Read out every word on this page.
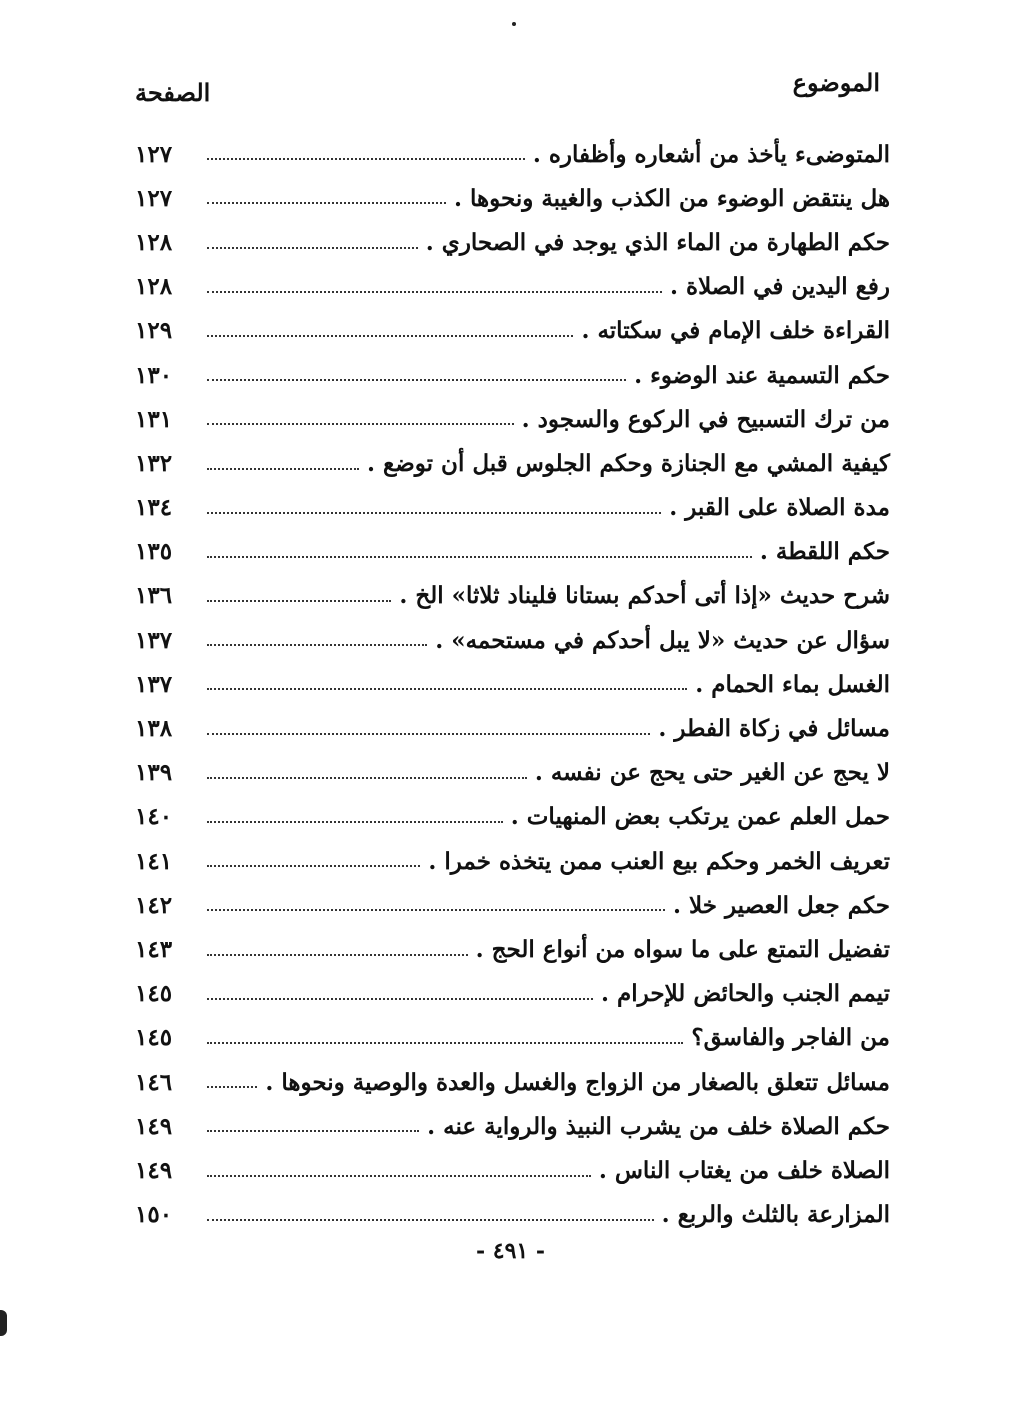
الموضوع
الصفحة
المتوضىء يأخذ من أشعاره وأظفاره .
١٢٧
هل ينتقض الوضوء من الكذب والغيبة ونحوها .
١٢٧
حكم الطهارة من الماء الذي يوجد في الصحاري .
١٢٨
رفع اليدين في الصلاة .
١٢٨
القراءة خلف الإمام في سكتاته .
١٢٩
حكم التسمية عند الوضوء .
١٣٠
من ترك التسبيح في الركوع والسجود .
١٣١
كيفية المشي مع الجنازة وحكم الجلوس قبل أن توضع .
١٣٢
مدة الصلاة على القبر .
١٣٤
حكم اللقطة .
١٣٥
شرح حديث «إذا أتى أحدكم بستانا فليناد ثلاثا» الخ .
١٣٦
سؤال عن حديث «لا يبل أحدكم في مستحمه» .
١٣٧
الغسل بماء الحمام .
١٣٧
مسائل في زكاة الفطر .
١٣٨
لا يحج عن الغير حتى يحج عن نفسه .
١٣٩
حمل العلم عمن يرتكب بعض المنهيات .
١٤٠
تعريف الخمر وحكم بيع العنب ممن يتخذه خمرا .
١٤١
حكم جعل العصير خلا .
١٤٢
تفضيل التمتع على ما سواه من أنواع الحج .
١٤٣
تيمم الجنب والحائض للإحرام .
١٤٥
من الفاجر والفاسق؟
١٤٥
مسائل تتعلق بالصغار من الزواج والغسل والعدة والوصية ونحوها .
١٤٦
حكم الصلاة خلف من يشرب النبيذ والرواية عنه .
١٤٩
الصلاة خلف من يغتاب الناس .
١٤٩
المزارعة بالثلث والربع .
١٥٠
- ٤٩١ -
